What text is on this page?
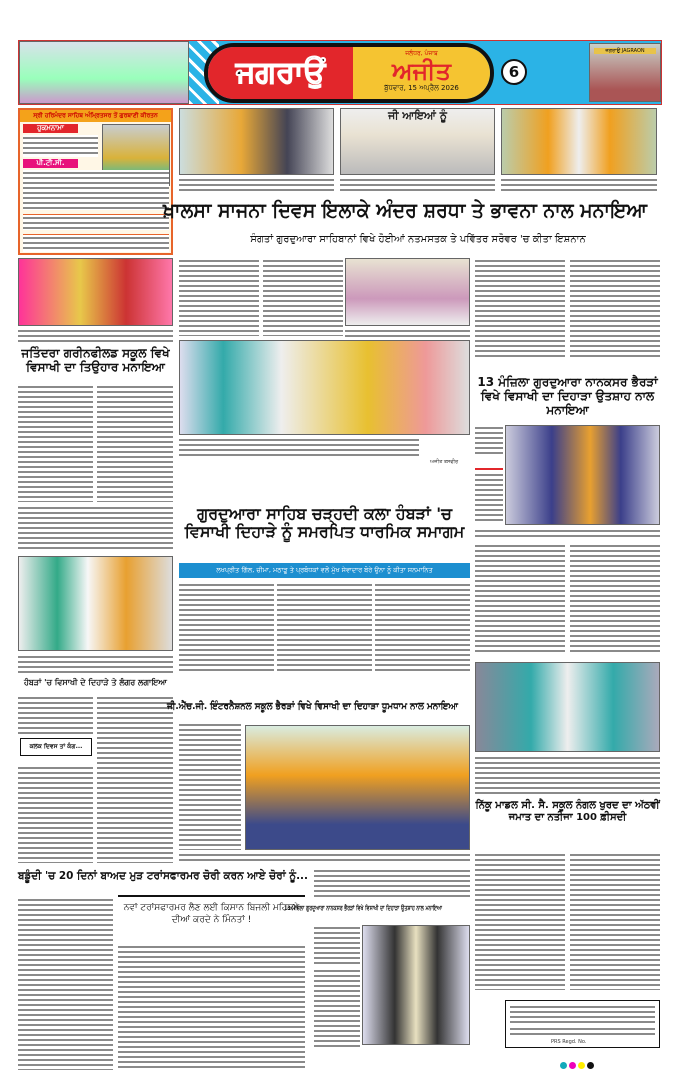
ਜਗਰਾਉਂ
ਜਲੰਧਰ, ਪੰਜਾਬ
ਅਜੀਤ
ਬੁੱਧਵਾਰ, 15 ਅਪ੍ਰੈਲ 2026
6
ਜਗਰਾਉਂ JAGRAON
ਸ੍ਰੀ ਹਰਿਮੰਦਰ ਸਾਹਿਬ ਅੰਮ੍ਰਿਤਸਰ ਤੋਂ ਗੁਰਬਾਣੀ ਕੀਰਤਨ
ਹੁਕਮਨਾਮਾ
ਪੀ.ਟੀ.ਸੀ.
ਜੀ ਆਇਆਂ ਨੂੰ
ਖ਼ਾਲਸਾ ਸਾਜਨਾ ਦਿਵਸ ਇਲਾਕੇ ਅੰਦਰ ਸ਼ਰਧਾ ਤੇ ਭਾਵਨਾ ਨਾਲ ਮਨਾਇਆ
ਸੰਗਤਾਂ ਗੁਰਦੁਆਰਾ ਸਾਹਿਬਾਨਾਂ ਵਿਖੇ ਹੋਈਆਂ ਨਤਮਸਤਕ ਤੇ ਪਵਿੱਤਰ ਸਰੋਵਰ 'ਚ ਕੀਤਾ ਇਸ਼ਨਾਨ
ਜਤਿੰਦਰਾ ਗਰੀਨਫੀਲਡ ਸਕੂਲ ਵਿਖੇ ਵਿਸਾਖੀ ਦਾ ਤਿਉਹਾਰ ਮਨਾਇਆ
ਅਜੀਤ ਤਸਵੀਰ
13 ਮੰਜ਼ਿਲਾ ਗੁਰਦੁਆਰਾ ਨਾਨਕਸਰ ਭੈਰੜਾਂ ਵਿਖੇ ਵਿਸਾਖੀ ਦਾ ਦਿਹਾੜਾ ਉਤਸ਼ਾਹ ਨਾਲ ਮਨਾਇਆ
ਗੁਰਦੁਆਰਾ ਸਾਹਿਬ ਚੜ੍ਹਦੀ ਕਲਾ ਹੰਬੜਾਂ 'ਚ ਵਿਸਾਖੀ ਦਿਹਾੜੇ ਨੂੰ ਸਮਰਪਿਤ ਧਾਰਮਿਕ ਸਮਾਗਮ
ਲਖਪ੍ਰੀਤ ਗਿੱਲ, ਚੀਮਾ, ਮਠਾੜੂ ਤੇ ਪ੍ਰਬੰਧਕਾਂ ਵਲੋਂ ਮੁੱਖ ਸੇਵਾਦਾਰ ਬੋਰੇ ਉਨਾ ਨੂੰ ਕੀਤਾ ਸਨਮਾਨਿਤ
ਹੰਬੜਾਂ 'ਚ ਵਿਸਾਖੀ ਦੇ ਦਿਹਾੜੇ ਤੇ ਲੰਗਰ ਲਗਾਇਆ
ਕਲਕ ਦਿਵਸ ਤਾਂ ਕੰਗ...
ਜੀ.ਐੱਚ.ਜੀ. ਇੰਟਰਨੈਸ਼ਨਲ ਸਕੂਲ ਭੈਰੜਾਂ ਵਿਖੇ ਵਿਸਾਖੀ ਦਾ ਦਿਹਾੜਾ ਧੂਮਧਾਮ ਨਾਲ ਮਨਾਇਆ
ਨਿੱਕੂ ਮਾਡਲ ਸੀ. ਸੈ. ਸਕੂਲ ਨੰਗਲ ਖੁਰਦ ਦਾ ਅੱਠਵੀਂ ਜਮਾਤ ਦਾ ਨਤੀਜਾ 100 ਫ਼ੀਸਦੀ
ਬਡੂੰਦੀ 'ਚ 20 ਦਿਨਾਂ ਬਾਅਦ ਮੁੜ ਟਰਾਂਸਫਾਰਮਰ ਚੋਰੀ ਕਰਨ ਆਏ ਚੋਰਾਂ ਨੂੰ...
ਨਵਾਂ ਟਰਾਂਸਫਾਰਮਰ ਲੈਣ ਲਈ ਕਿਸਾਨ ਬਿਜਲੀ ਮਹਿਕਮੇ ਦੀਆਂ ਕਰਦੇ ਨੇ ਮਿੰਨਤਾਂ !
13 ਮੰਜ਼ਿਲਾ ਗੁਰਦੁਆਰਾ ਨਾਨਕਸਰ ਭੈਰੜਾਂ ਵਿਖੇ ਵਿਸਾਖੀ ਦਾ ਦਿਹਾੜਾ ਉਤਸ਼ਾਹ ਨਾਲ ਮਨਾਇਆ
PRS Regd. No.
